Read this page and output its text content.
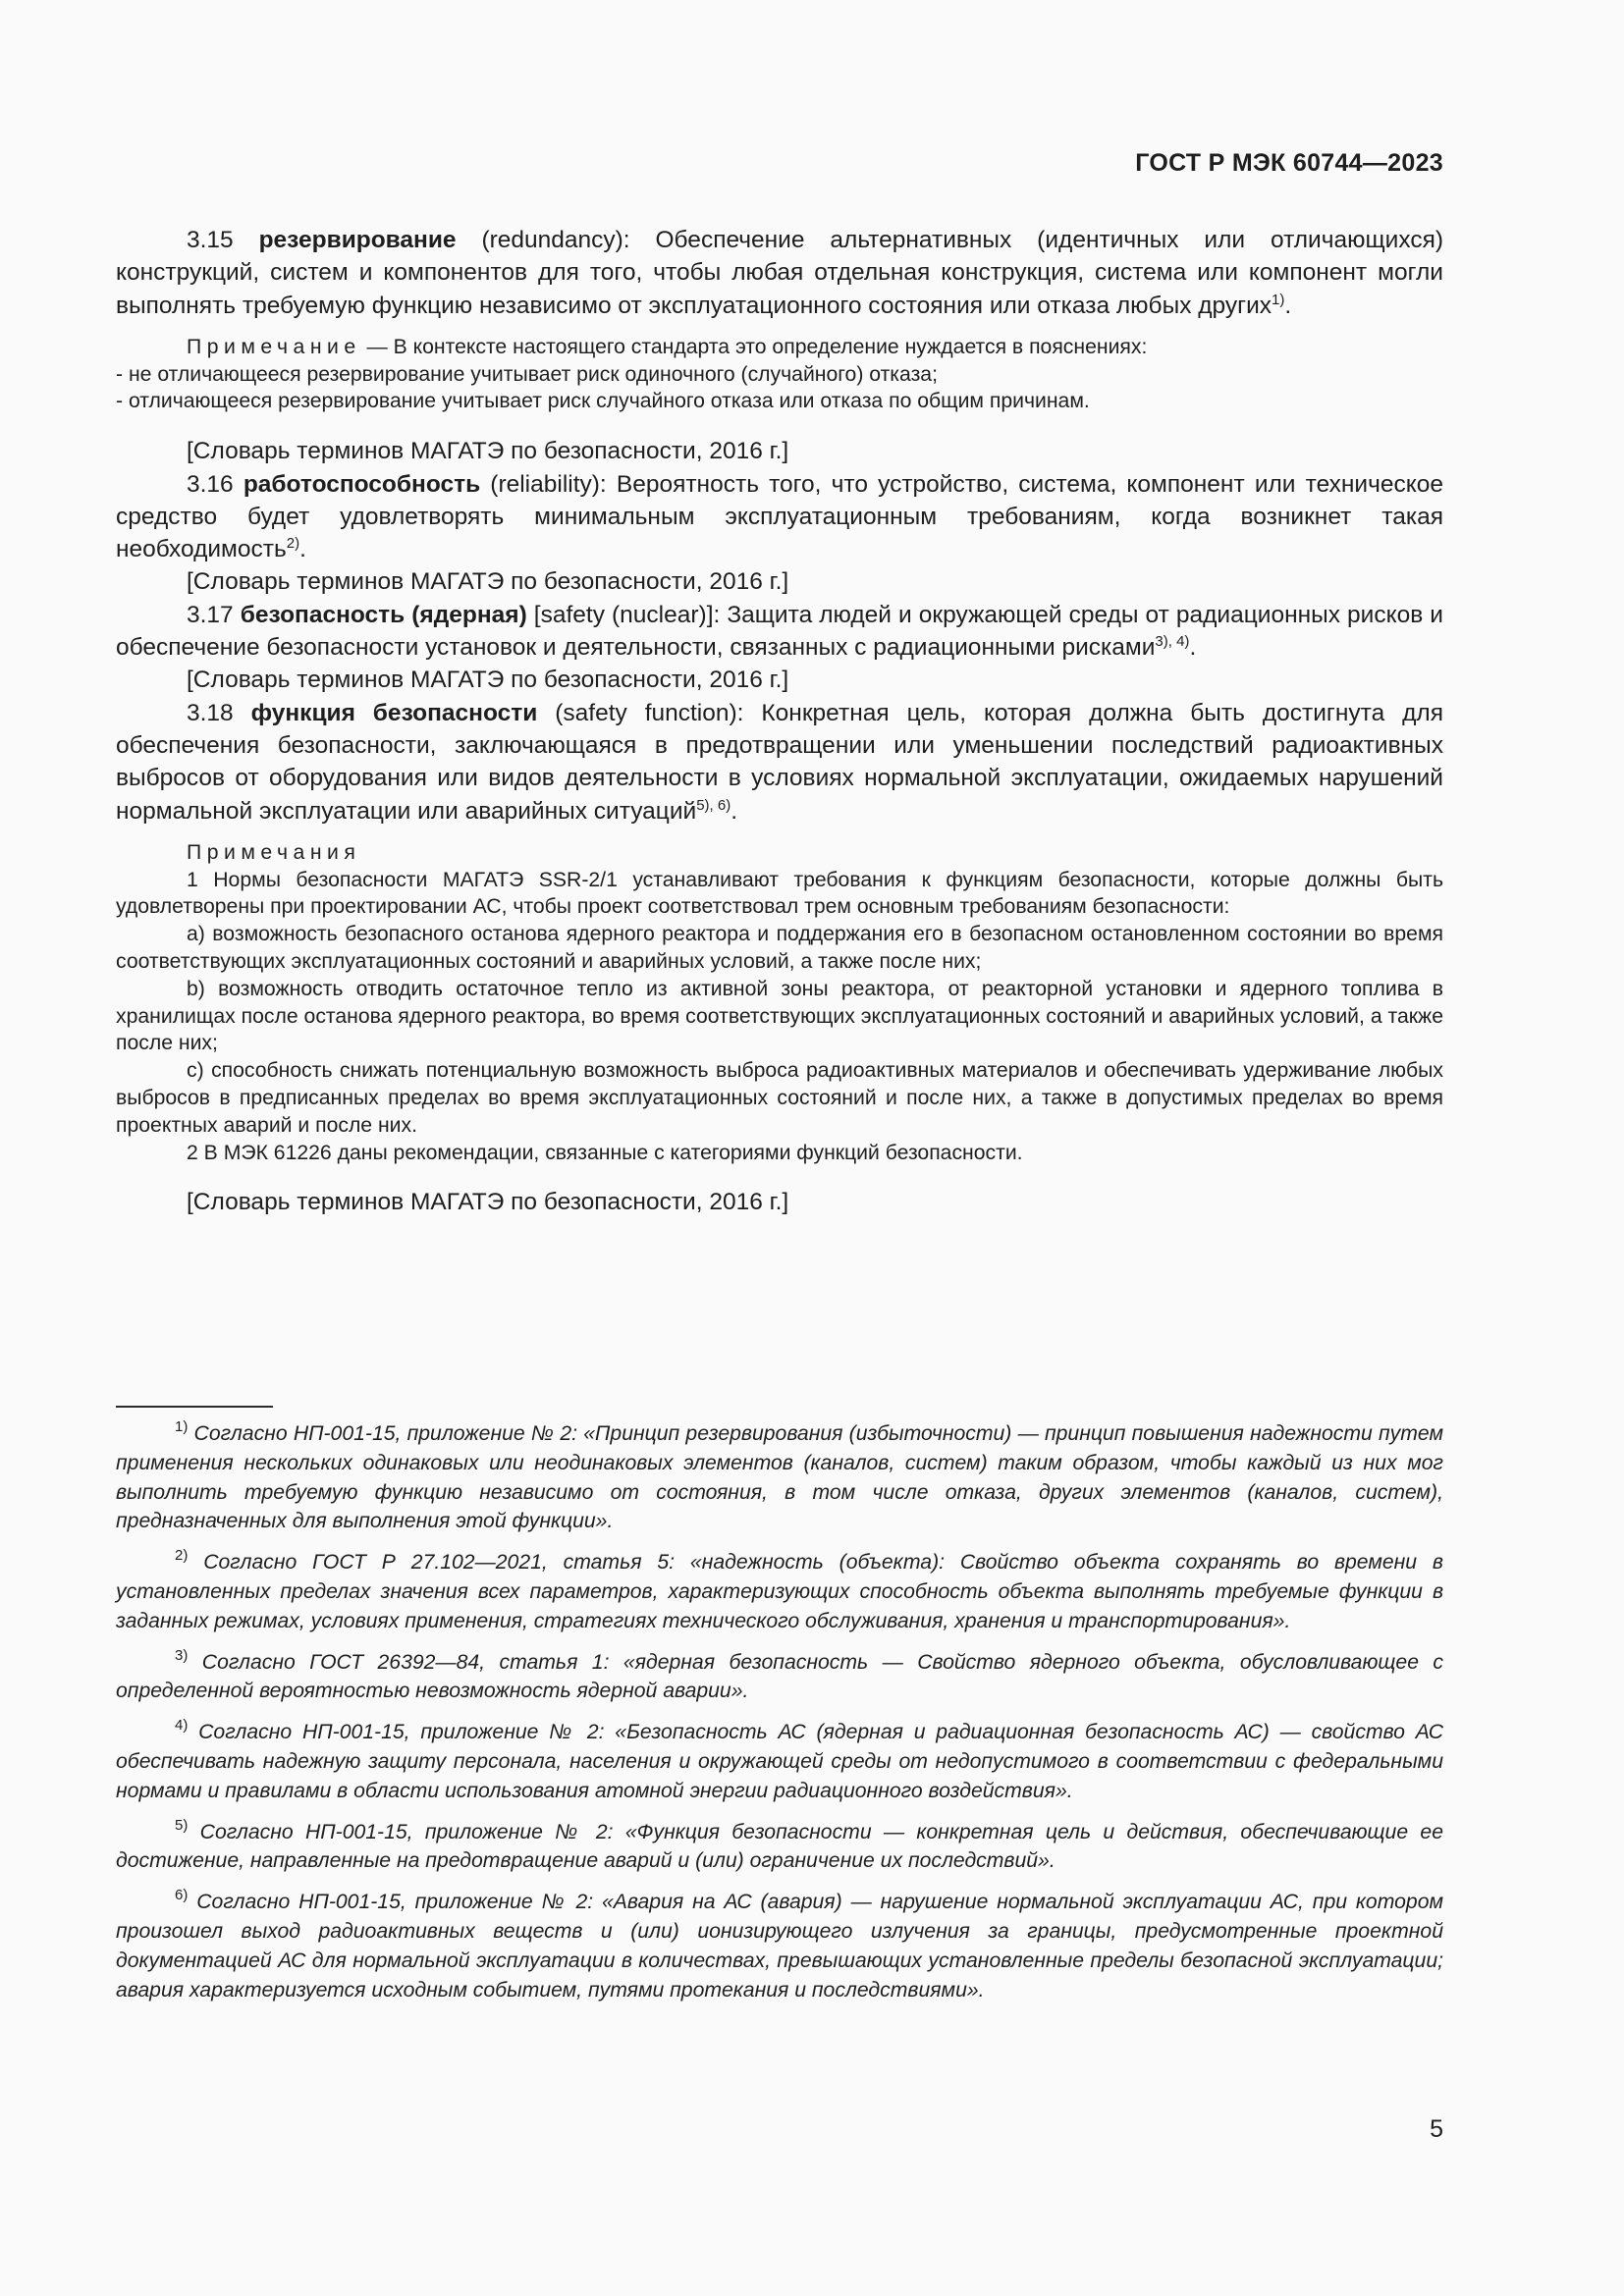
ГОСТ Р МЭК 60744—2023

3.15 резервирование (redundancy): Обеспечение альтернативных (идентичных или отличающихся) конструкций, систем и компонентов для того, чтобы любая отдельная конструкция, система или компонент могли выполнять требуемую функцию независимо от эксплуатационного состояния или отказа любых других$^{1)}$.

Примечание — В контексте настоящего стандарта это определение нуждается в пояснениях:

- не отличающееся резервирование учитывает риск одиночного (случайного) отказа;

- отличающееся резервирование учитывает риск случайного отказа или отказа по общим причинам.

[Словарь терминов МАГАТЭ по безопасности, 2016 г.]

3.16 работоспособность (reliability): Вероятность того, что устройство, система, компонент или техническое средство будет удовлетворять минимальным эксплуатационным требованиям, когда возникнет такая необходимость$^{2)}$.

[Словарь терминов МАГАТЭ по безопасности, 2016 г.]

3.17 безопасность (ядерная) [safety (nuclear)]: Защита людей и окружающей среды от радиационных рисков и обеспечение безопасности установок и деятельности, связанных с радиационными рисками$^{3), 4)}$.

[Словарь терминов МАГАТЭ по безопасности, 2016 г.]

3.18 функция безопасности (safety function): Конкретная цель, которая должна быть достигнута для обеспечения безопасности, заключающаяся в предотвращении или уменьшении последствий радиоактивных выбросов от оборудования или видов деятельности в условиях нормальной эксплуатации, ожидаемых нарушений нормальной эксплуатации или аварийных ситуаций$^{5), 6)}$.

Примечания

1 Нормы безопасности МАГАТЭ SSR-2/1 устанавливают требования к функциям безопасности, которые должны быть удовлетворены при проектировании АС, чтобы проект соответствовал трем основным требованиям безопасности:

a) возможность безопасного останова ядерного реактора и поддержания его в безопасном остановленном состоянии во время соответствующих эксплуатационных состояний и аварийных условий, а также после них;

b) возможность отводить остаточное тепло из активной зоны реактора, от реакторной установки и ядерного топлива в хранилищах после останова ядерного реактора, во время соответствующих эксплуатационных состояний и аварийных условий, а также после них;

c) способность снижать потенциальную возможность выброса радиоактивных материалов и обеспечивать удерживание любых выбросов в предписанных пределах во время эксплуатационных состояний и после них, а также в допустимых пределах во время проектных аварий и после них.

2 В МЭК 61226 даны рекомендации, связанные с категориями функций безопасности.

[Словарь терминов МАГАТЭ по безопасности, 2016 г.]

$^{1)}$ Согласно НП-001-15, приложение № 2: «Принцип резервирования (избыточности) — принцип повышения надежности путем применения нескольких одинаковых или неодинаковых элементов (каналов, систем) таким образом, чтобы каждый из них мог выполнить требуемую функцию независимо от состояния, в том числе отказа, других элементов (каналов, систем), предназначенных для выполнения этой функции».

$^{2)}$ Согласно ГОСТ Р 27.102—2021, статья 5: «надежность (объекта): Свойство объекта сохранять во времени в установленных пределах значения всех параметров, характеризующих способность объекта выполнять требуемые функции в заданных режимах, условиях применения, стратегиях технического обслуживания, хранения и транспортирования».

$^{3)}$ Согласно ГОСТ 26392—84, статья 1: «ядерная безопасность — Свойство ядерного объекта, обусловливающее с определенной вероятностью невозможность ядерной аварии».

$^{4)}$ Согласно НП-001-15, приложение № 2: «Безопасность АС (ядерная и радиационная безопасность АС) — свойство АС обеспечивать надежную защиту персонала, населения и окружающей среды от недопустимого в соответствии с федеральными нормами и правилами в области использования атомной энергии радиационного воздействия».

$^{5)}$ Согласно НП-001-15, приложение № 2: «Функция безопасности — конкретная цель и действия, обеспечивающие ее достижение, направленные на предотвращение аварий и (или) ограничение их последствий».

$^{6)}$ Согласно НП-001-15, приложение № 2: «Авария на АС (авария) — нарушение нормальной эксплуатации АС, при котором произошел выход радиоактивных веществ и (или) ионизирующего излучения за границы, предусмотренные проектной документацией АС для нормальной эксплуатации в количествах, превышающих установленные пределы безопасной эксплуатации; авария характеризуется исходным событием, путями протекания и последствиями».

5
